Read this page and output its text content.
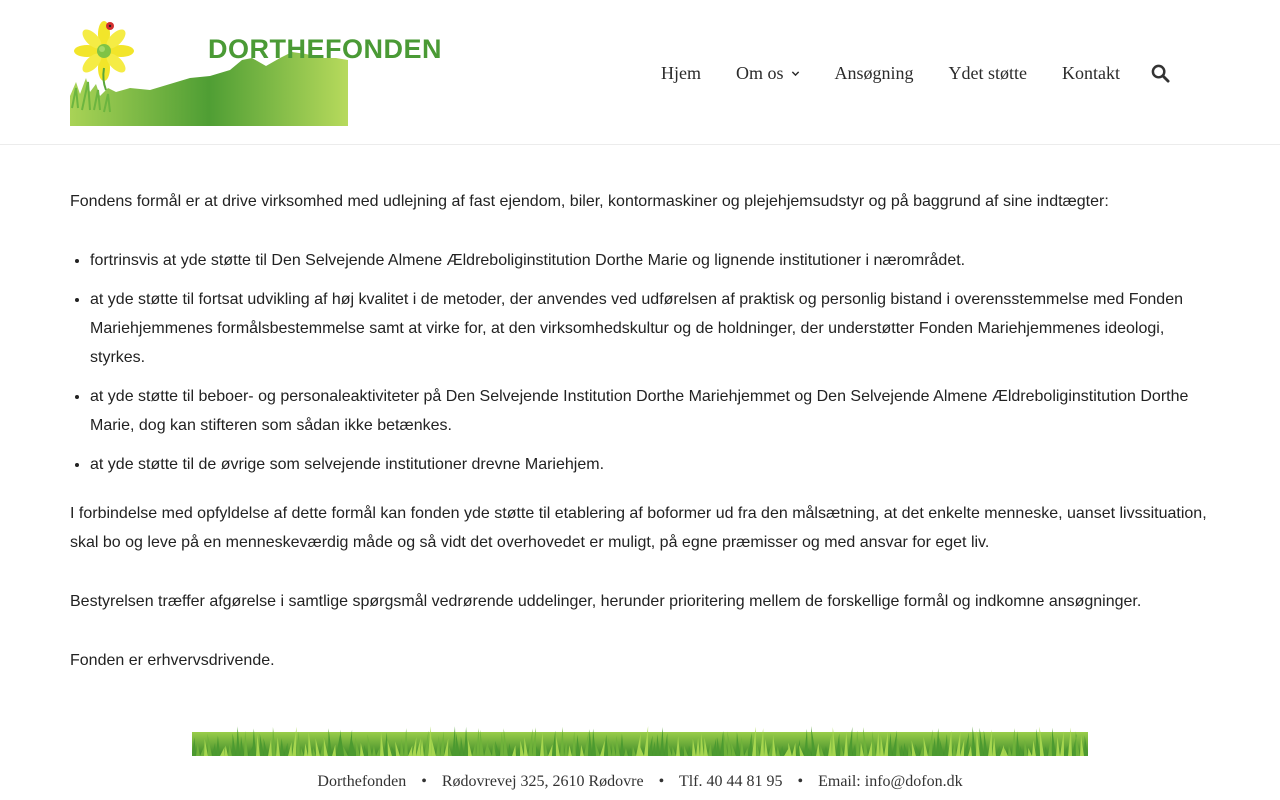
DORTHEFONDEN
Hjem Om os	Ansøgning Ydet støtte Kontakt

Fondens formål er at drive virksomhed med udlejning af fast ejendom, biler, kontormaskiner og plejehjemsudstyr og på baggrund af sine indtægter:

• fortrinsvis at yde støtte til Den Selvejende Almene Ældreboliginstitution Dorthe Marie og lignende institutioner i nærområdet.
• at yde støtte til fortsat udvikling af høj kvalitet i de metoder, der anvendes ved udførelsen af praktisk og personlig bistand i overensstemmelse med Fonden Mariehjemmenes formålsbestemmelse samt at virke for, at den virksomhedskultur og de holdninger, der understøtter Fonden Mariehjemmenes ideologi, styrkes.
• at yde støtte til beboer- og personaleaktiviteter på Den Selvejende Institution Dorthe Mariehjemmet og Den Selvejende Almene Ældreboliginstitution Dorthe Marie, dog kan stifteren som sådan ikke betænkes.
• at yde støtte til de øvrige som selvejende institutioner drevne Mariehjem.

I forbindelse med opfyldelse af dette formål kan fonden yde støtte til etablering af boformer ud fra den målsætning, at det enkelte menneske, uanset livssituation, skal bo og leve på en menneskeværdig måde og så vidt det overhovedet er muligt, på egne præmisser og med ansvar for eget liv.

Bestyrelsen træffer afgørelse i samtlige spørgsmål vedrørende uddelinger, herunder prioritering mellem de forskellige formål og indkomne ansøgninger.

Fonden er erhvervsdrivende.

Dorthefonden • Rødovrevej 325, 2610 Rødovre • Tlf. 40 44 81 95 • Email: info@dofon.dk
